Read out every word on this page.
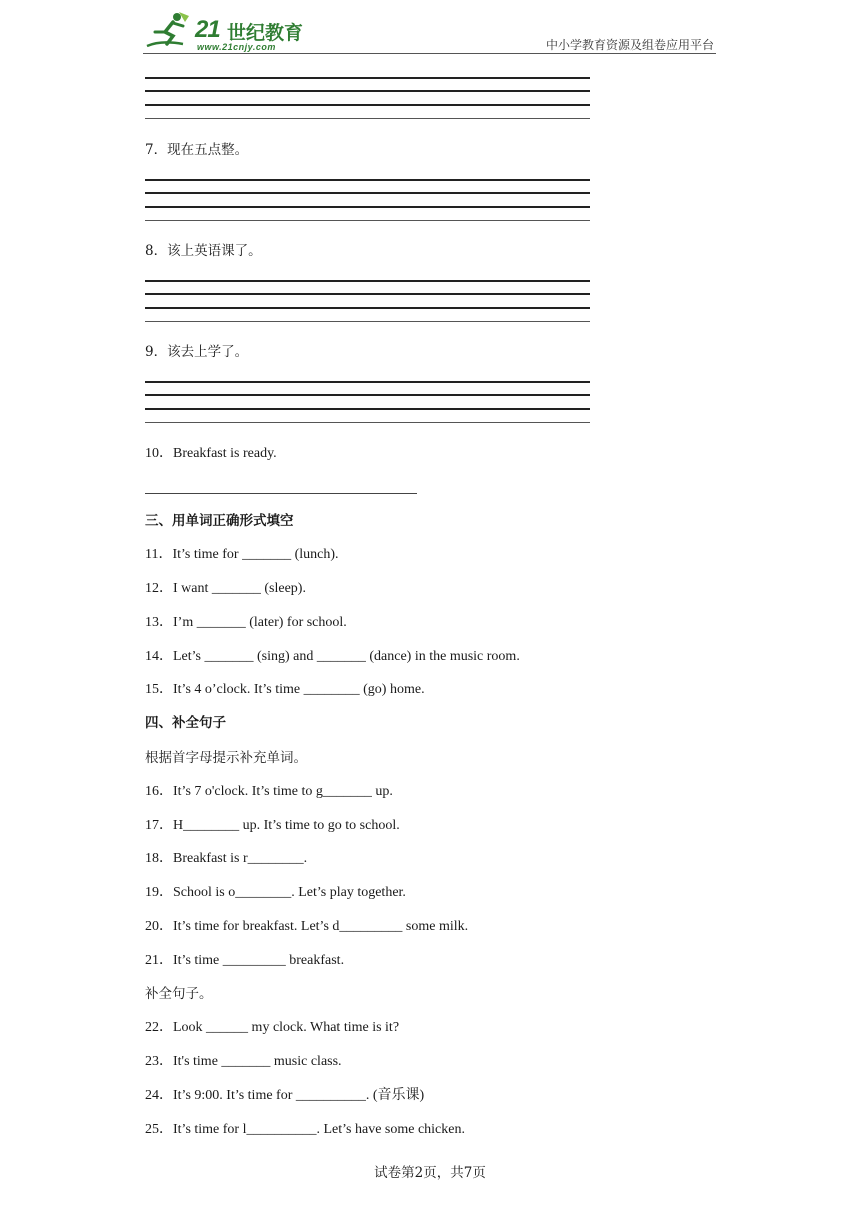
21 世纪教育
www.21cnjy.com	中小学教育资源及组卷应用平台
7．现在五点整。
8．该上英语课了。
9．该去上学了。
10．Breakfast is ready.
三、用单词正确形式填空
11．It’s time for _______ (lunch).
12．I want _______ (sleep).
13．I’m _______ (later) for school.
14．Let’s _______ (sing) and _______ (dance) in the music room.
15．It’s 4 o’clock. It’s time ________ (go) home.
四、补全句子
根据首字母提示补充单词。
16．It’s 7 o'clock. It’s time to g_______ up.
17．H________ up. It’s time to go to school.
18．Breakfast is r________.
19．School is o________. Let’s play together.
20．It’s time for breakfast. Let’s d_________ some milk.
21．It’s time _________ breakfast.
补全句子。
22．Look ______ my clock. What time is it?
23．It's time _______ music class.
24．It’s 9:00. It’s time for __________. (音乐课)
25．It’s time for l__________. Let’s have some chicken.
试卷第2页，共7页
